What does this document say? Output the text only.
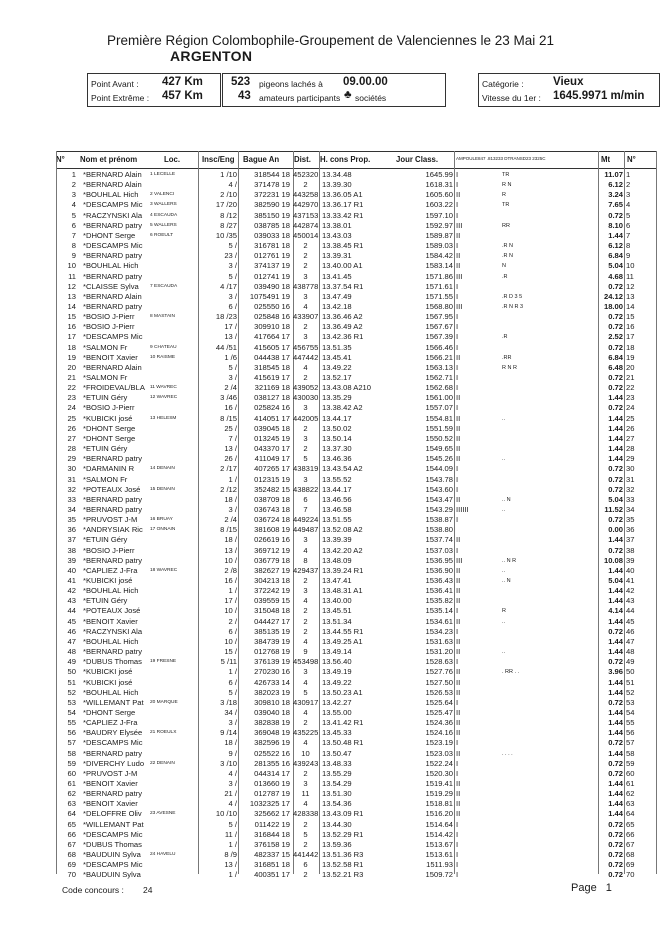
Première Région Colombophile-Groupement de Valenciennes le 23 Mai 21
ARGENTON
Point Avant : 427 Km
Point Extrême : 457 Km
523 pigeons lachés à 09.00.00
43 amateurs participants ♣ sociétés
Catégorie :	Vieux
Vitesse du 1er : 1645.9971 m/min
N° Nom et prénom	Loc.	Insc/Eng Bague An Dist. H. cons Prop.	Jour Class.	AMPOULE847 .813233 DTRANSD23 2325C	Mt N°
1 *BERNARD Alain 1 LECELLE	1 /10	318544 18 452320 13.34.48	1645.99 I	TR	11.07 1
2 *BERNARD Alain	4 /	371478 19	2	13.39.30	1618.31 I	R N	6.12 2
3 *BOUHLAL Hich 2 VALENCI	2 /10	372231 19 443258 13.36.05 A1	1605.60 II	R	3.24 3
4 *DESCAMPS Mic 3 WALLERS	17 /20	382590 19 442970 13.36.17 R1	1603.22 I	TR	7.65 4
5 *RACZYNSKI Ala 4 ESCAUDA	8 /12	385150 19 437153 13.33.42 R1	1597.10 I	0.72 5
6 *BERNARD patry 5 WALLERS	8 /27	038785 18 442874 13.38.01	1592.97 III	RR	8.10 6
7 *DHONT Serge	6 ROEULT	10 /35	039033 18 450014 13.43.03	1589.87 II	1.44 7
8 *DESCAMPS Mic	5 /	316781 18	2	13.38.45 R1	1589.03 I	.R N	6.12 8
9 *BERNARD patry	23 /	012761 19	2	13.39.31	1584.42 II	.R N	6.84 9
10 *BOUHLAL Hich	3 /	374137 19	2	13.40.00 A1	1583.14 II	N	5.04 10
11 *BERNARD patry	5 /	012741 19	3	13.41.45	1571.86 III	.R	4.68 11
12 *CLAISSE Sylva 7 ESCAUDA	4 /17	039490 18 438778 13.37.54 R1	1571.61 I	0.72 12
13 *BERNARD Alain	3 /	1075491 19	3	13.47.49	1571.55 I	.R D 3 5	24.12 13
14 *BERNARD patry	6 /	025550 16	4	13.42.18	1568.80 III	.R N R 3	18.00 14
15 *BOSIO J-Pierr	8 MASTAIN	18 /23	025848 16 433907 13.36.46 A2	1567.95 I	0.72 15
16 *BOSIO J-Pierr	17 /	309910 18	2	13.36.49 A2	1567.67 I	0.72 16
17 *DESCAMPS Mic	13 /	417664 17	3	13.42.36 R1	1567.39 I	.R	2.52 17
18 *SALMON Fr	9 CHATEAU	44 /51	415605 17 456755 13.51.35	1566.46 I	0.72 18
19 *BENOIT Xavier	10 RAISME	1 /6	044438 17 447442 13.45.41	1566.21 II	.RR	6.84 19
20 *BERNARD Alain	5 /	318545 18	4	13.49.22	1563.13 I	R N R	6.48 20
21 *SALMON Fr	3 /	415619 17	2	13.52.17	1562.71 I	0.72 21
22 *FROIDEVAL/BLA 11 WAVREC	2 /4	321169 18 439052 13.43.08 A210	1562.68 I	0.72 22
23 *ETUIN Géry	12 WAVREC	3 /46	038127 18 430030 13.35.29	1561.00 II	1.44 23
24 *BOSIO J-Pierr	16 /	025824 16	3	13.38.42 A2	1557.07 I	0.72 24
25 *KUBICKI josé	13 HELESM	8 /15	414051 17 442005 13.44.17	1554.81 II	..	1.44 25
26 *DHONT Serge	25 /	039045 18	2	13.50.02	1551.59 II	1.44 26
27 *DHONT Serge	7 /	013245 19	3	13.50.14	1550.52 II	1.44 27
28 *ETUIN Géry	13 /	043370 17	2	13.37.30	1549.65 II	1.44 28
29 *BERNARD patry	26 /	411049 17	5	13.46.36	1545.26 II	..	1.44 29
30 *DARMANIN R	14 DENAIN	2 /17	407265 17 438319 13.43.54 A2	1544.09 I	0.72 30
31 *SALMON Fr	1 /	012315 19	3	13.55.52	1543.78 I	0.72 31
32 *POTEAUX José 15 DENAIN	2 /12	352482 15 438822 13.44.17	1543.60 I	0.72 32
33 *BERNARD patry	18 /	038709 18	6	13.46.56	1543.47 II	.. N	5.04 33
34 *BERNARD patry	3 /	036743 18	7	13.46.58	1543.29 IIIIII	..	11.52 34
35 *PRUVOST J-M	16 BRUAY	2 /4	036724 18 449224 13.51.55	1538.87 I	0.72 35
36 *ANDRYSIAK Ric 17 ONNAIN	8 /15	381608 19 449487 13.52.08 A2	1538.80	0.00 36
37 *ETUIN Géry	18 /	026619 16	3	13.39.39	1537.74 II	1.44 37
38 *BOSIO J-Pierr	13 /	369712 19	4	13.42.20 A2	1537.03 I	0.72 38
39 *BERNARD patry	10 /	036779 18	8	13.48.09	1536.95 III	.. N R	10.08 39
40 *CAPLIEZ J-Fra	18 WAVREC	2 /8	382627 19 429437 13.39.24 R1	1536.90 II	..	1.44 40
41 *KUBICKI josé	16 /	304213 18	2	13.47.41	1536.43 II	.. N	5.04 41
42 *BOUHLAL Hich	1 /	372242 19	3	13.48.31 A1	1536.41 II	1.44 42
43 *ETUIN Géry	17 /	039559 15	4	13.40.00	1535.82 II	1.44 43
44 *POTEAUX José	10 /	315048 18	2	13.45.51	1535.14 I	R	4.14 44
45 *BENOIT Xavier	2 /	044427 17	2	13.51.34	1534.61 II	..	1.44 45
46 *RACZYNSKI Ala	6 /	385135 19	2	13.44.55 R1	1534.23 I	0.72 46
47 *BOUHLAL Hich	10 /	384739 19	4	13.49.25 A1	1531.63 II	1.44 47
48 *BERNARD patry	15 /	012768 19	9	13.49.14	1531.20 II	..	1.44 48
49 *DUBUS Thomas 19 FRESNE	5 /11	376139 19 453498 13.56.40	1528.63 I	0.72 49
50 *KUBICKI josé	1 /	270230 16	3	13.49.19	1527.76 II	. RR . .	3.96 50
51 *KUBICKI josé	6 /	426733 14	4	13.49.22	1527.50 II	1.44 51
52 *BOUHLAL Hich	5 /	382023 19	5	13.50.23 A1	1526.53 II	1.44 52
53 *WILLEMANT Pat 20 MARQUE	3 /18	309810 18 430917 13.42.27	1525.64 I	0.72 53
54 *DHONT Serge	34 /	039040 18	4	13.55.00	1525.47 II	1.44 54
55 *CAPLIEZ J-Fra	3 /	382838 19	2	13.41.42 R1	1524.36 II	1.44 55
56 *BAUDRY Elysée 21 ROEULX	9 /14	369048 19 435225 13.45.33	1524.16 II	1.44 56
57 *DESCAMPS Mic	18 /	382596 19	4	13.50.48 R1	1523.19 I	0.72 57
58 *BERNARD patry	9 /	025522 16	10	13.50.47	1523.03 II	. . . .	1.44 58
59 *DIVERCHY Ludo 22 DENAIN	3 /10	281355 16 439243 13.48.33	1522.24 I	0.72 59
60 *PRUVOST J-M	4 /	044314 17	2	13.55.29	1520.30 I	0.72 60
61 *BENOIT Xavier	3 /	013660 19	3	13.54.29	1519.41 II	1.44 61
62 *BERNARD patry	21 /	012787 19	11	13.51.30	1519.29 II	1.44 62
63 *BENOIT Xavier	4 /	1032325 17	4	13.54.36	1518.81 II	1.44 63
64 *DELOFFRE Oliv 23 AVESNE	10 /10	325662 17 428338 13.43.09 R1	1516.20 II	1.44 64
65 *WILLEMANT Pat	5 /	011422 19	2	13.44.30	1514.64 I	0.72 65
66 *DESCAMPS Mic	11 /	316844 18	5	13.52.29 R1	1514.42 I	0.72 66
67 *DUBUS Thomas	1 /	376158 19	2	13.59.36	1513.67 I	0.72 67
68 *BAUDUIN Sylva 24 HAVELU	8 /9	482337 15 441442 13.51.36 R3	1513.61 I	0.72 68
69 *DESCAMPS Mic	13 /	316851 18	6	13.52.58 R1	1511.93 I	0.72 69
70 *BAUDUIN Sylva	1 /	400351 17	2	13.52.21 R3	1509.72 I	0.72 70
Code concours : 24	Page 1
